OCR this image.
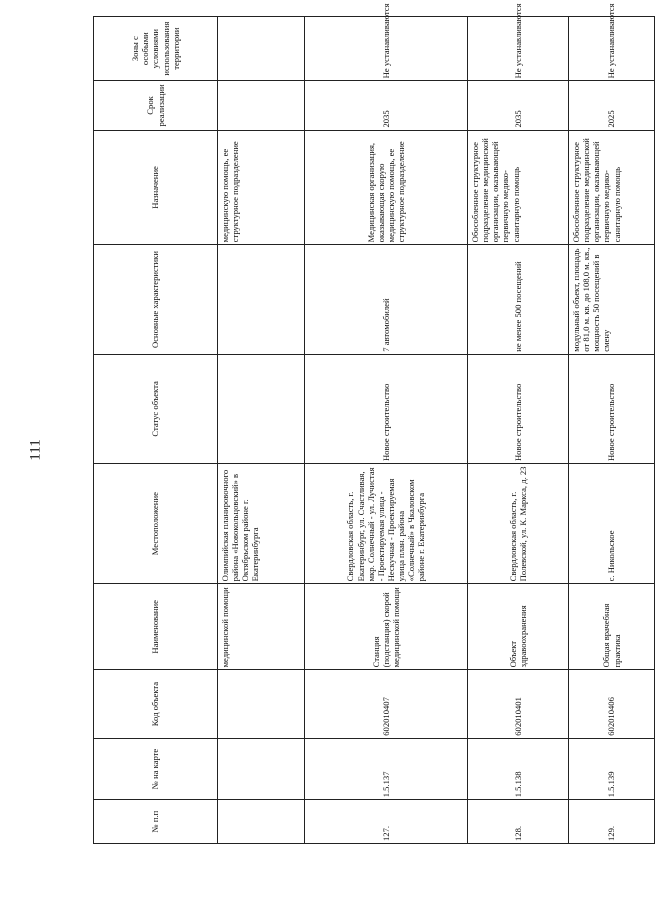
111
№ п.п	№ на карте	Код объекта	Наименование	Местоположение	Статус объекта	Основные характеристики	Назначение	Срок реализации	Зоны с особыми условиями использования территории
			медицинской помощи	Олимпийская планировочного района «Новокольцовский» в Октябрьском районе г. Екатеринбурга			медицинскую помощь, ее структурное подразделение		
127.	1.5.137	602010407	Станция (подстанция) скорой медицинской помощи	Свердловская область, г. Екатеринбург, ул. Счастливая, мкр. Солнечный - ул. Лучистая - Проектируемая улица - Нескучная - Проектируемая улица план. района «Солнечный» в Чкаловском районе г. Екатеринбурга	Новое строительство	7 автомобилей	Медицинская организация, оказывающая скорую медицинскую помощь, ее структурное подразделение	2035	Не устанавливаются
128.	1.5.138	602010401	Объект здравоохранения	Свердловская область, г. Полевской, ул. К. Маркса, д. 23	Новое строительство	не менее 500 посещений	Обособленное структурное подразделение медицинской организации, оказывающей первичную медико-санитарную помощь	2035	Не устанавливаются
129.	1.5.139	602010406	Общая врачебная практика	с. Никольское	Новое строительство	модульный объект, площадь от 81,0 м. кв. до 108,0 м. кв., мощность 50 посещений в смену	Обособленное структурное подразделение медицинской организации, оказывающей первичную медико-санитарную помощь	2025	Не устанавливаются
